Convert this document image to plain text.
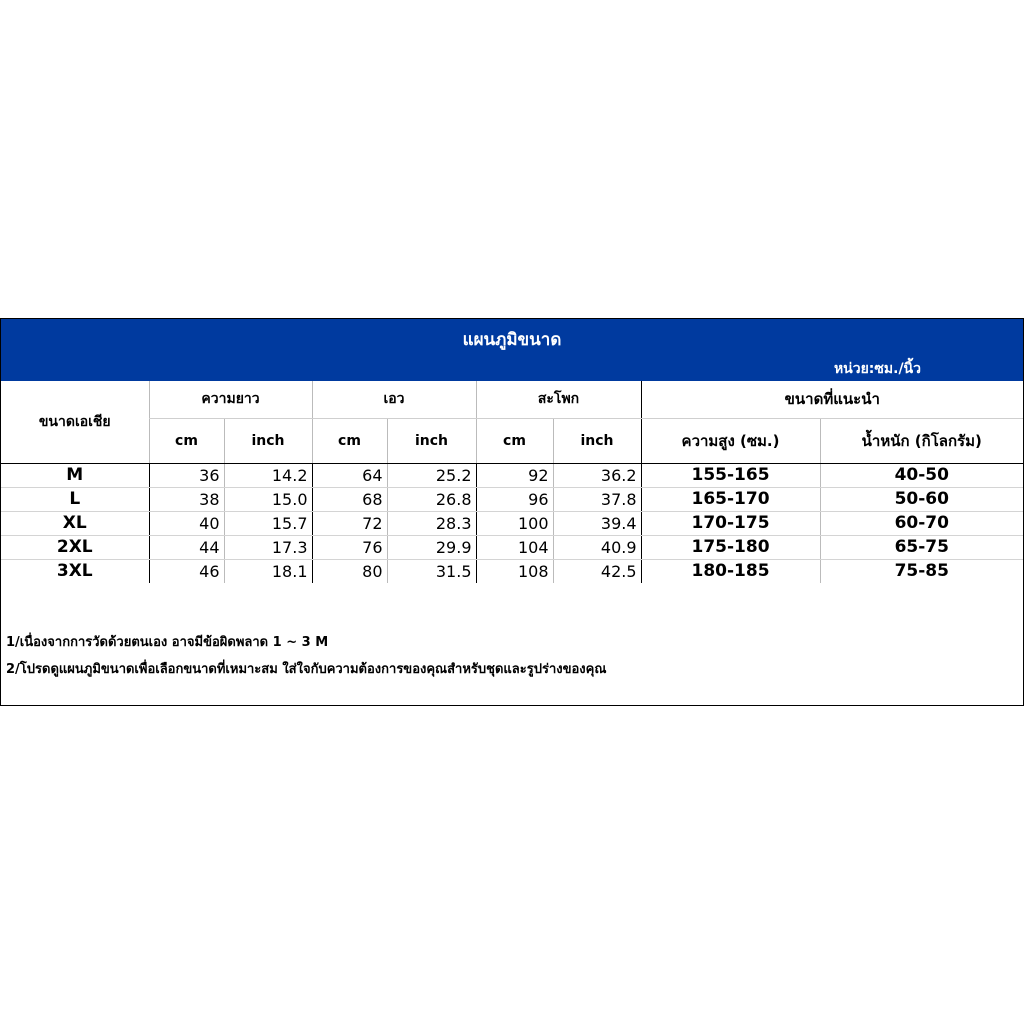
แผนภูมิขนาด
หน่วย:ซม./นิ้ว
ขนาดเอเชีย	ความยาว		เอว		สะโพก		ขนาดที่แนะนำ	
	cm	inch	cm	inch	cm	inch	ความสูง (ซม.)	น้ำหนัก (กิโลกรัม)
M	36	14.2	64	25.2	92	36.2	155-165	40-50
L	38	15.0	68	26.8	96	37.8	165-170	50-60
XL	40	15.7	72	28.3	100	39.4	170-175	60-70
2XL	44	17.3	76	29.9	104	40.9	175-180	65-75
3XL	46	18.1	80	31.5	108	42.5	180-185	75-85
1/เนื่องจากการวัดด้วยตนเอง อาจมีข้อผิดพลาด 1 ~ 3 M
2/โปรดดูแผนภูมิขนาดเพื่อเลือกขนาดที่เหมาะสม ใส่ใจกับความต้องการของคุณสำหรับชุดและรูปร่างของคุณ
